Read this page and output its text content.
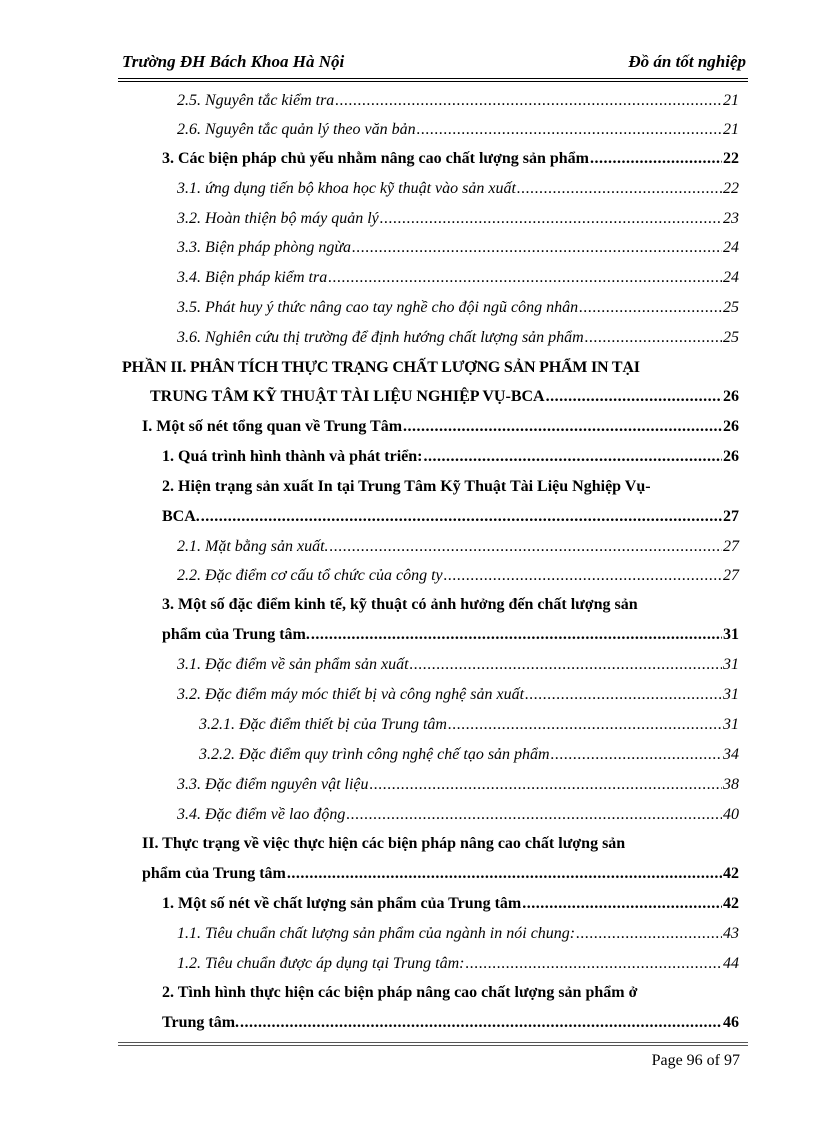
Trường ĐH Bách Khoa Hà Nội	Đồ án tốt nghiệp
2.5. Nguyên tắc kiểm tra .....	21
2.6. Nguyên tắc quản lý theo văn bản .....	21
3. Các biện pháp chủ yếu nhằm nâng cao chất lượng sản phẩm .....	22
3.1. ứng dụng tiến bộ khoa học kỹ thuật vào sản xuất .....	22
3.2. Hoàn thiện bộ máy quản lý .....	23
3.3. Biện pháp phòng ngừa .....	24
3.4. Biện pháp kiểm tra .....	24
3.5. Phát huy ý thức nâng cao tay nghề cho đội ngũ công nhân .....	25
3.6. Nghiên cứu thị trường để định hướng chất lượng sản phẩm .....	25
PHẦN II. PHÂN TÍCH THỰC TRẠNG CHẤT LƯỢNG SẢN PHẨM IN TẠI
TRUNG TÂM KỸ THUẬT TÀI LIỆU NGHIỆP VỤ-BCA .....	26
I. Một số nét tổng quan về Trung Tâm .....	26
1. Quá trình hình thành và phát triển: .....	26
2. Hiện trạng sản xuất In tại Trung Tâm Kỹ Thuật Tài Liệu Nghiệp Vụ-
BCA. .....	27
2.1. Mặt bằng sản xuất. .....	27
2.2. Đặc điểm cơ cấu tổ chức của công ty .....	27
3. Một số đặc điểm kinh tế, kỹ thuật có ảnh hưởng đến chất lượng sản
phẩm của Trung tâm. .....	31
3.1. Đặc điểm về sản phẩm sản xuất .....	31
3.2. Đặc điểm máy móc thiết bị và công nghệ sản xuất .....	31
3.2.1. Đặc điểm thiết bị của Trung tâm .....	31
3.2.2. Đặc điểm quy trình công nghệ chế tạo sản phẩm .....	34
3.3. Đặc điểm nguyên vật liệu .....	38
3.4. Đặc điểm về lao động .....	40
II. Thực trạng về việc thực hiện các biện pháp nâng cao chất lượng sản
phẩm của Trung tâm .....	42
1. Một số nét về chất lượng sản phẩm của Trung tâm .....	42
1.1. Tiêu chuẩn chất lượng sản phẩm của ngành in nói chung: .....	43
1.2. Tiêu chuẩn được áp dụng tại Trung tâm: .....	44
2. Tình hình thực hiện các biện pháp nâng cao chất lượng sản phẩm ở
Trung tâm. .....	46
Page 96 of 97
